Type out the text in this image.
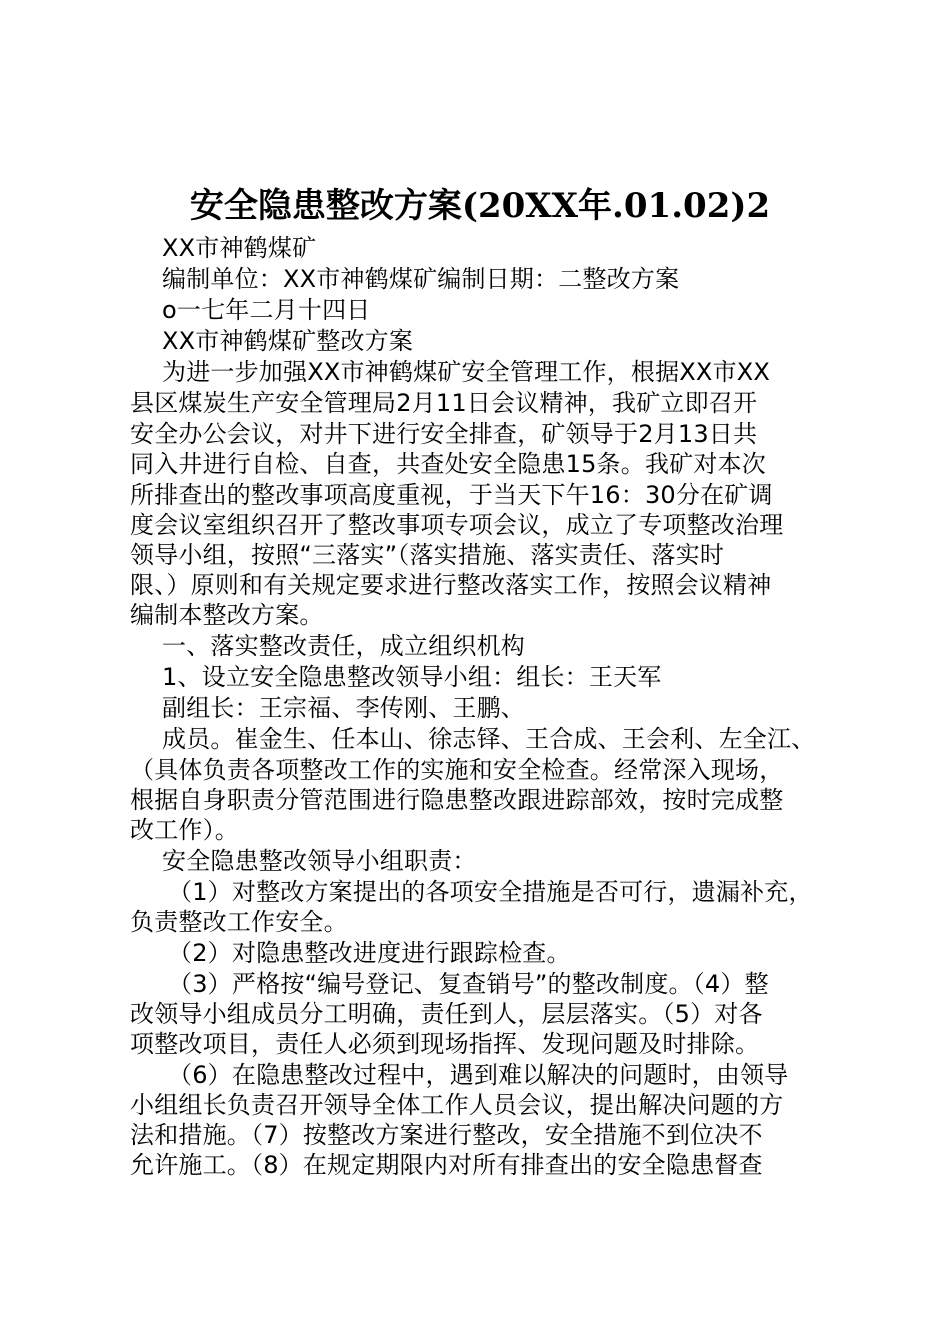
安全隐患整改方案(20XX年.01.02)2
XX市神鹤煤矿
编制单位：XX市神鹤煤矿编制日期：二整改方案
o一七年二月十四日
XX市神鹤煤矿整改方案
为进一步加强XX市神鹤煤矿安全管理工作，根据XX市XX
县区煤炭生产安全管理局2月11日会议精神，我矿立即召开
安全办公会议，对井下进行安全排查，矿领导于2月13日共
同入井进行自检、自查，共查处安全隐患15条。我矿对本次
所排查出的整改事项高度重视，于当天下午16：30分在矿调
度会议室组织召开了整改事项专项会议，成立了专项整改治理
领导小组，按照“三落实”（落实措施、落实责任、落实时
限、）原则和有关规定要求进行整改落实工作，按照会议精神
编制本整改方案。
一、落实整改责任，成立组织机构
1、设立安全隐患整改领导小组：组长：王天军
副组长：王宗福、李传刚、王鹏、
成员。崔金生、任本山、徐志铎、王合成、王会利、左全江、
（具体负责各项整改工作的实施和安全检查。经常深入现场，
根据自身职责分管范围进行隐患整改跟进踪部效，按时完成整
改工作）。
安全隐患整改领导小组职责：
（1）对整改方案提出的各项安全措施是否可行，遗漏补充，
负责整改工作安全。
（2）对隐患整改进度进行跟踪检查。
（3）严格按“编号登记、复查销号”的整改制度。（4）整
改领导小组成员分工明确，责任到人，层层落实。（5）对各
项整改项目，责任人必须到现场指挥、发现问题及时排除。
（6）在隐患整改过程中，遇到难以解决的问题时，由领导
小组组长负责召开领导全体工作人员会议，提出解决问题的方
法和措施。（7）按整改方案进行整改，安全措施不到位决不
允许施工。（8）在规定期限内对所有排查出的安全隐患督查
